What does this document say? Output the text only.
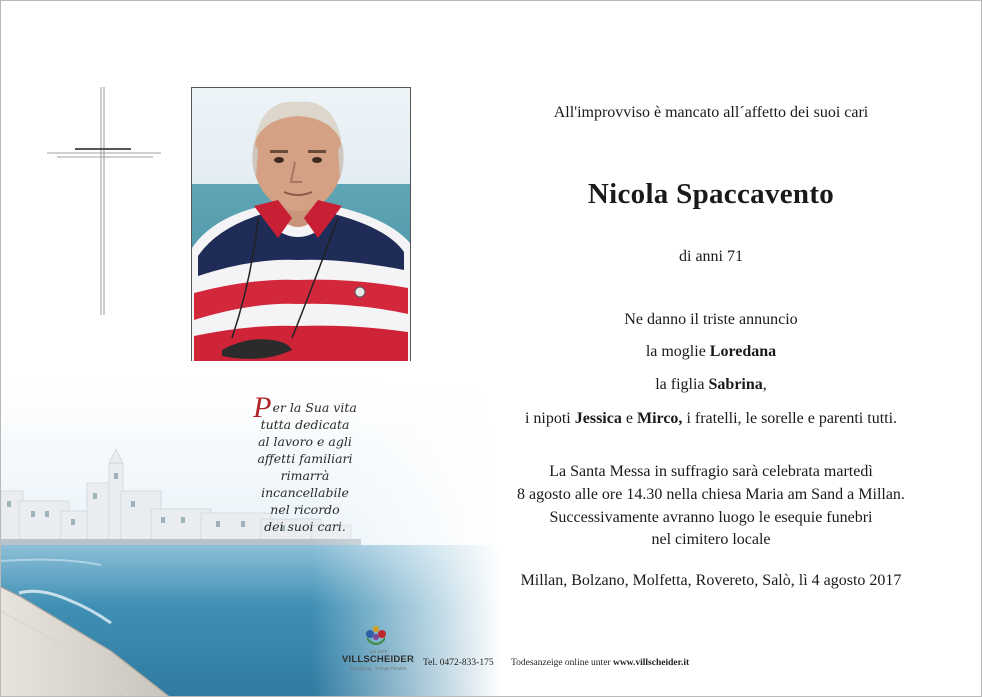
Per la Sua vita
tutta dedicata
al lavoro e agli
affetti familiari
rimarrà
incancellabile
nel ricordo
dei suoi cari.
All'improvviso è mancato all´affetto dei suoi cari
Nicola Spaccavento
di anni 71
Ne danno il triste annuncio
la moglie Loredana
la figlia Sabrina,
i nipoti Jessica e Mirco, i fratelli, le sorelle e parenti tutti.
La Santa Messa in suffragio sarà celebrata martedì
8 agosto alle ore 14.30 nella chiesa Maria am Sand a Millan.
Successivamente avranno luogo le esequie funebri
nel cimitero locale
Millan, Bolzano, Molfetta, Rovereto, Salò, lì 4 agosto 2017
seit 1929
VILLSCHEIDER
Bestattung · Pompe Funebri
Tel. 0472-833-175 Todesanzeige online unter www.villscheider.it
